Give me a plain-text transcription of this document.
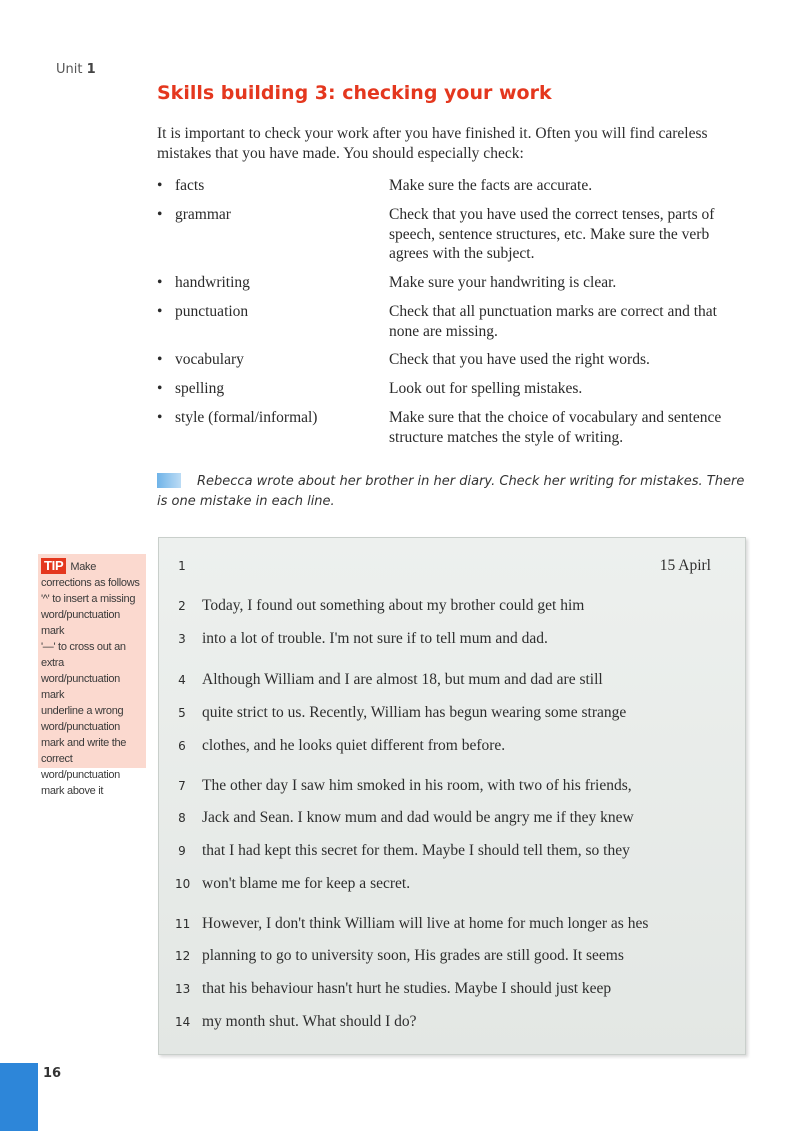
Unit 1
Skills building 3: checking your work

It is important to check your work after you have finished it. Often you will find careless mistakes that you have made. You should especially check:

• facts	Make sure the facts are accurate.
• grammar	Check that you have used the correct tenses, parts of speech, sentence structures, etc. Make sure the verb agrees with the subject.
• handwriting	Make sure your handwriting is clear.
• punctuation	Check that all punctuation marks are correct and that none are missing.
• vocabulary	Check that you have used the right words.
• spelling	Look out for spelling mistakes.
• style (formal/informal)	Make sure that the choice of vocabulary and sentence structure matches the style of writing.

Rebecca wrote about her brother in her diary. Check her writing for mistakes. There is one mistake in each line.

TIP Make corrections as follows
'^' to insert a missing word/punctuation mark
'—' to cross out an extra word/punctuation mark
underline a wrong word/punctuation mark and write the correct word/punctuation mark above it
1	15 Apirl
2 Today, I found out something about my brother could get him
3 into a lot of trouble. I'm not sure if to tell mum and dad.
4 Although William and I are almost 18, but mum and dad are still
5 quite strict to us. Recently, William has begun wearing some strange
6 clothes, and he looks quiet different from before.
7 The other day I saw him smoked in his room, with two of his friends,
8 Jack and Sean. I know mum and dad would be angry me if they knew
9 that I had kept this secret for them. Maybe I should tell them, so they
10 won't blame me for keep a secret.
11 However, I don't think William will live at home for much longer as hes
12 planning to go to university soon, His grades are still good. It seems
13 that his behaviour hasn't hurt he studies. Maybe I should just keep
14 my month shut. What should I do?
16
